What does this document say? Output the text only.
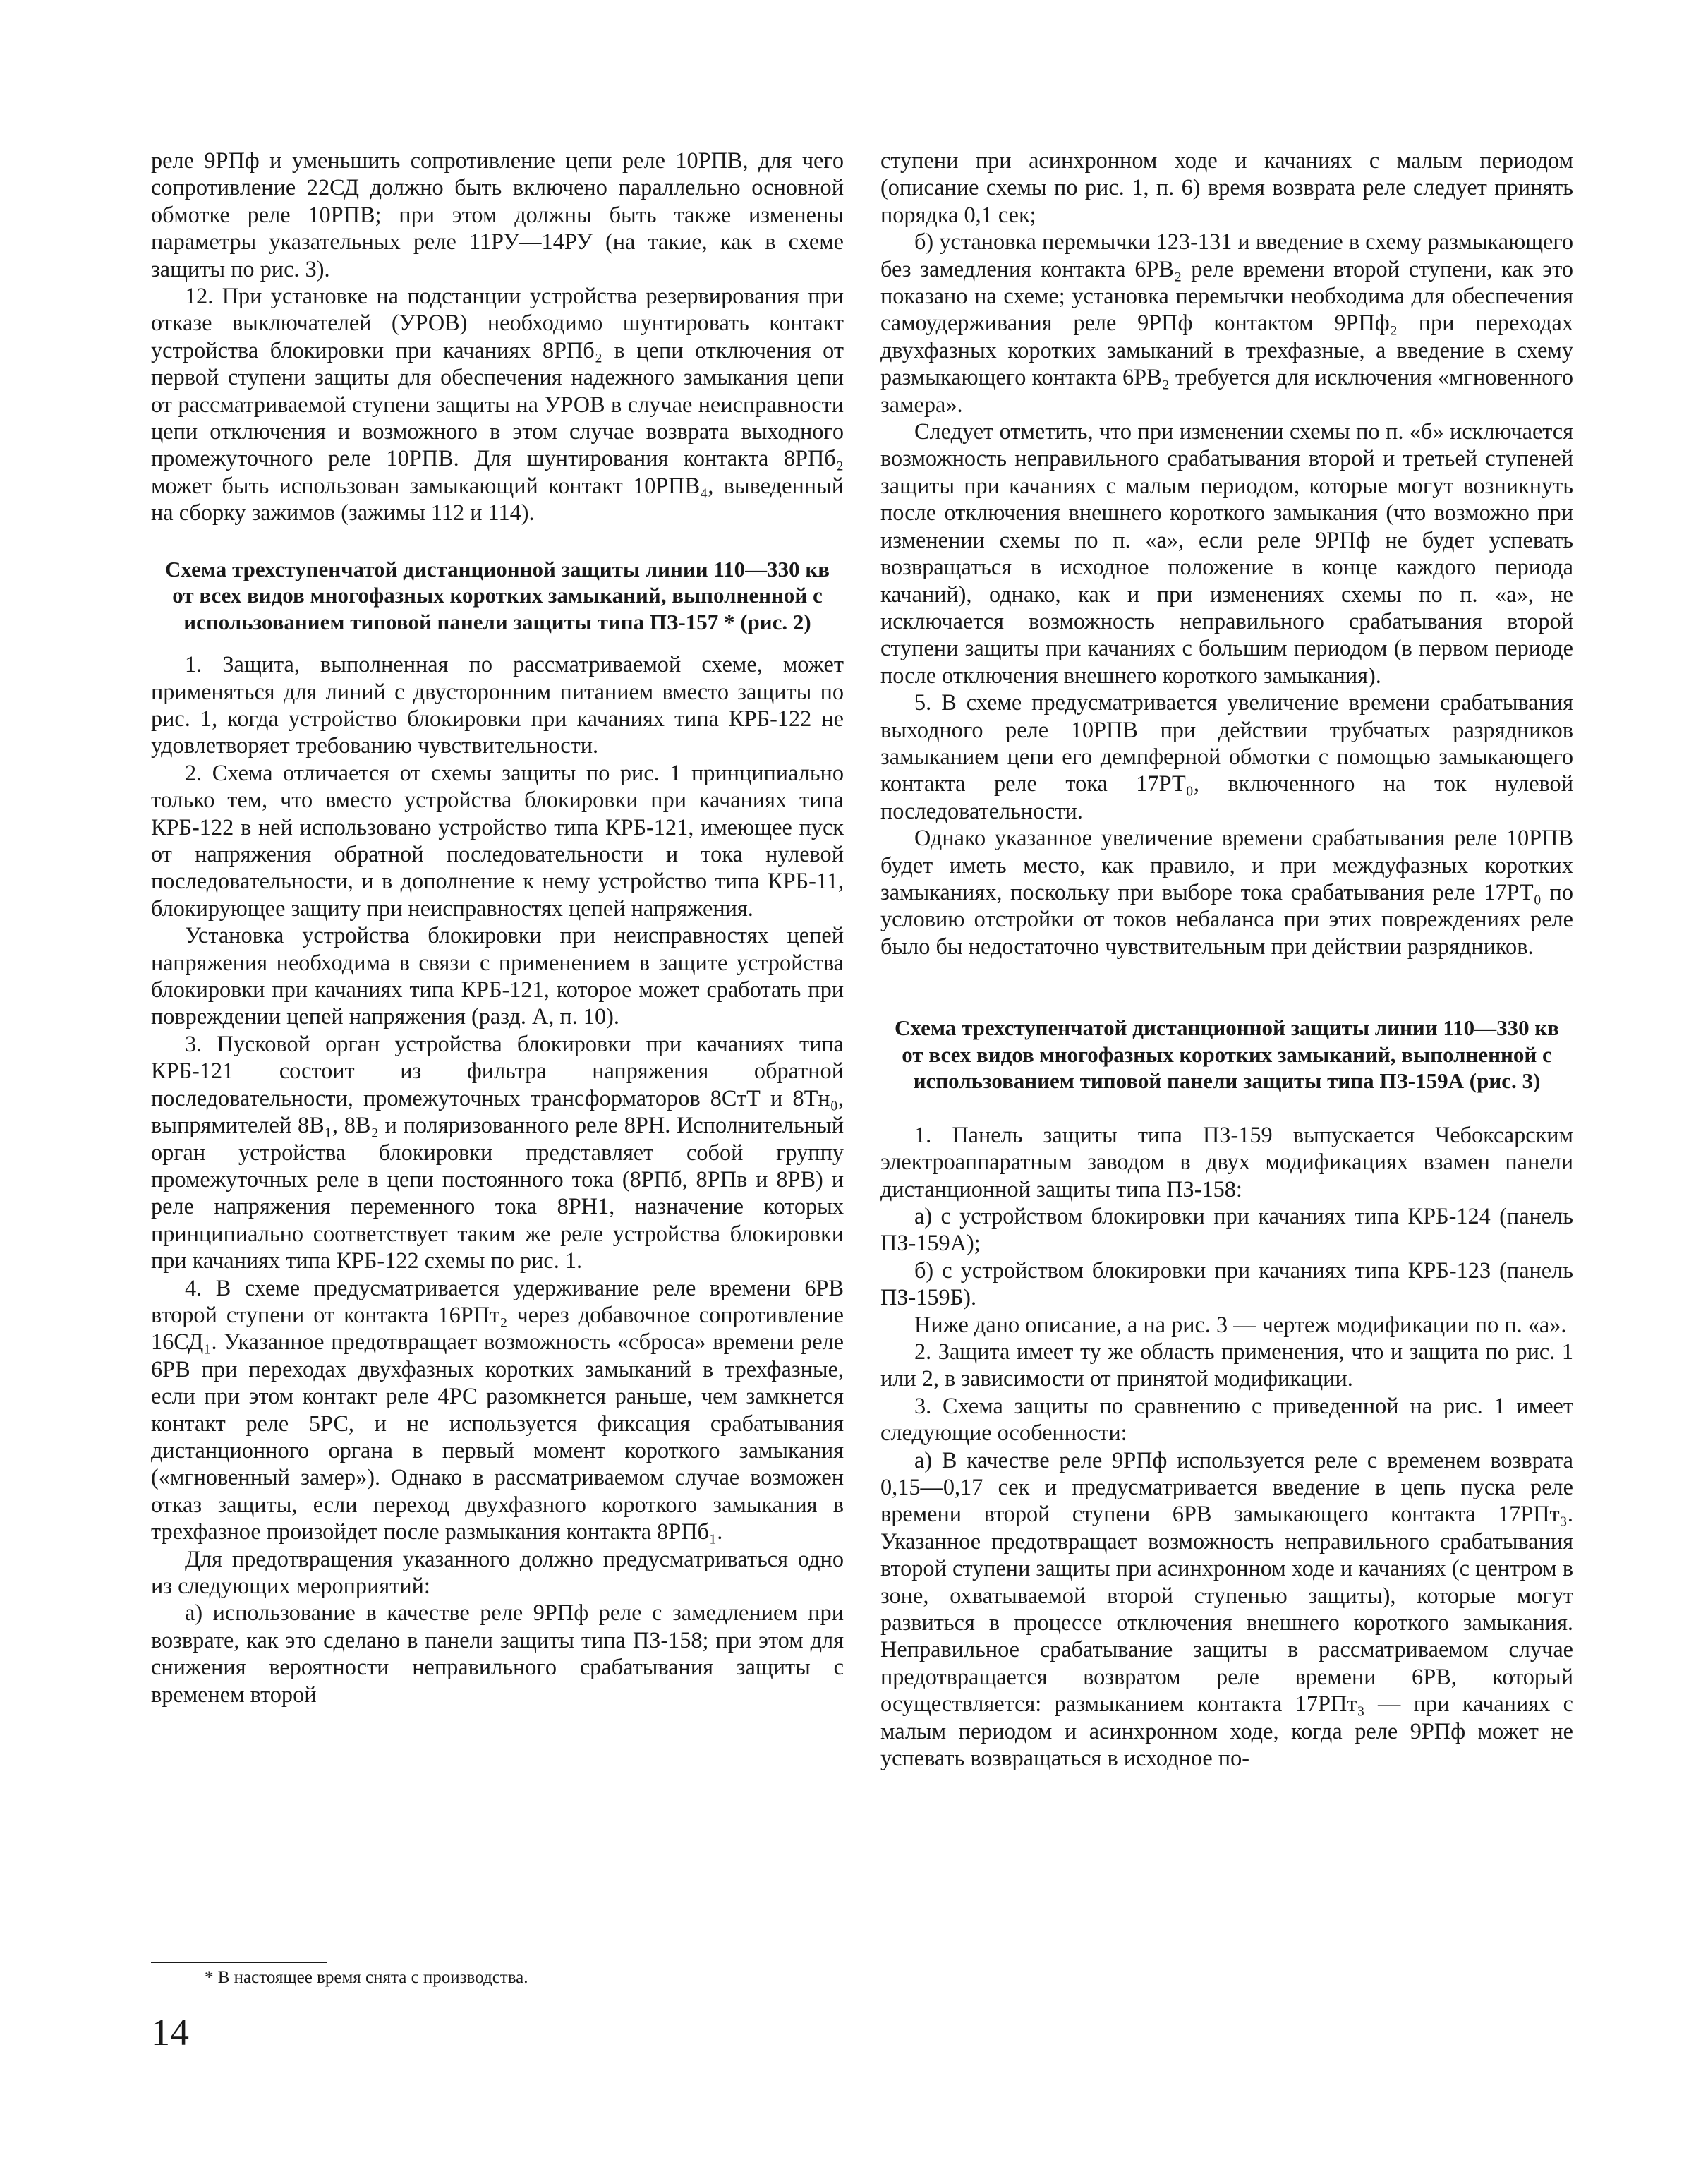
реле 9РПф и уменьшить сопротивление цепи реле 10РПВ, для чего сопротивление 22СД должно быть включено параллельно основной обмотке реле 10РПВ; при этом должны быть также изменены параметры указательных реле 11РУ—14РУ (на такие, как в схеме защиты по рис. 3).

12. При установке на подстанции устройства резервирования при отказе выключателей (УРОВ) необходимо шунтировать контакт устройства блокировки при качаниях 8РПб₂ в цепи отключения от первой ступени защиты для обеспечения надежного замыкания цепи от рассматриваемой ступени защиты на УРОВ в случае неисправности цепи отключения и возможного в этом случае возврата выходного промежуточного реле 10РПВ. Для шунтирования контакта 8РПб₂ может быть использован замыкающий контакт 10РПВ₄, выведенный на сборку зажимов (зажимы 112 и 114).

Схема трехступенчатой дистанционной защиты линии 110—330 кв от всех видов многофазных коротких замыканий, выполненной с использованием типовой панели защиты типа ПЗ-157 * (рис. 2)

1. Защита, выполненная по рассматриваемой схеме, может применяться для линий с двусторонним питанием вместо защиты по рис. 1, когда устройство блокировки при качаниях типа КРБ-122 не удовлетворяет требованию чувствительности.

2. Схема отличается от схемы защиты по рис. 1 принципиально только тем, что вместо устройства блокировки при качаниях типа КРБ-122 в ней использовано устройство типа КРБ-121, имеющее пуск от напряжения обратной последовательности и тока нулевой последовательности, и в дополнение к нему устройство типа КРБ-11, блокирующее защиту при неисправностях цепей напряжения.

Установка устройства блокировки при неисправностях цепей напряжения необходима в связи с применением в защите устройства блокировки при качаниях типа КРБ-121, которое может сработать при повреждении цепей напряжения (разд. А, п. 10).

3. Пусковой орган устройства блокировки при качаниях типа КРБ-121 состоит из фильтра напряжения обратной последовательности, промежуточных трансформаторов 8СтТ и 8Тн₀, выпрямителей 8В₁, 8В₂ и поляризованного реле 8РН. Исполнительный орган устройства блокировки представляет собой группу промежуточных реле в цепи постоянного тока (8РПб, 8РПв и 8РВ) и реле напряжения переменного тока 8РН1, назначение которых принципиально соответствует таким же реле устройства блокировки при качаниях типа КРБ-122 схемы по рис. 1.

4. В схеме предусматривается удерживание реле времени 6РВ второй ступени от контакта 16РПт₂ через добавочное сопротивление 16СД₁. Указанное предотвращает возможность «сброса» времени реле 6РВ при переходах двухфазных коротких замыканий в трехфазные, если при этом контакт реле 4РС разомкнется раньше, чем замкнется контакт реле 5РС, и не используется фиксация срабатывания дистанционного органа в первый момент короткого замыкания («мгновенный замер»). Однако в рассматриваемом случае возможен отказ защиты, если переход двухфазного короткого замыкания в трехфазное произойдет после размыкания контакта 8РПб₁.

Для предотвращения указанного должно предусматриваться одно из следующих мероприятий:

а) использование в качестве реле 9РПф реле с замедлением при возврате, как это сделано в панели защиты типа ПЗ-158; при этом для снижения вероятности неправильного срабатывания защиты с временем второй

* В настоящее время снята с производства.
14

ступени при асинхронном ходе и качаниях с малым периодом (описание схемы по рис. 1, п. 6) время возврата реле следует принять порядка 0,1 сек;

б) установка перемычки 123-131 и введение в схему размыкающего без замедления контакта 6РВ₂ реле времени второй ступени, как это показано на схеме; установка перемычки необходима для обеспечения самоудерживания реле 9РПф контактом 9РПф₂ при переходах двухфазных коротких замыканий в трехфазные, а введение в схему размыкающего контакта 6РВ₂ требуется для исключения «мгновенного замера».

Следует отметить, что при изменении схемы по п. «б» исключается возможность неправильного срабатывания второй и третьей ступеней защиты при качаниях с малым периодом, которые могут возникнуть после отключения внешнего короткого замыкания (что возможно при изменении схемы по п. «а», если реле 9РПф не будет успевать возвращаться в исходное положение в конце каждого периода качаний), однако, как и при изменениях схемы по п. «а», не исключается возможность неправильного срабатывания второй ступени защиты при качаниях с большим периодом (в первом периоде после отключения внешнего короткого замыкания).

5. В схеме предусматривается увеличение времени срабатывания выходного реле 10РПВ при действии трубчатых разрядников замыканием цепи его демпферной обмотки с помощью замыкающего контакта реле тока 17РТ₀, включенного на ток нулевой последовательности.

Однако указанное увеличение времени срабатывания реле 10РПВ будет иметь место, как правило, и при междуфазных коротких замыканиях, поскольку при выборе тока срабатывания реле 17РТ₀ по условию отстройки от токов небаланса при этих повреждениях реле было бы недостаточно чувствительным при действии разрядников.

Схема трехступенчатой дистанционной защиты линии 110—330 кв от всех видов многофазных коротких замыканий, выполненной с использованием типовой панели защиты типа ПЗ-159А (рис. 3)

1. Панель защиты типа ПЗ-159 выпускается Чебоксарским электроаппаратным заводом в двух модификациях взамен панели дистанционной защиты типа ПЗ-158:

а) с устройством блокировки при качаниях типа КРБ-124 (панель ПЗ-159А);

б) с устройством блокировки при качаниях типа КРБ-123 (панель ПЗ-159Б).

Ниже дано описание, а на рис. 3 — чертеж модификации по п. «а».

2. Защита имеет ту же область применения, что и защита по рис. 1 или 2, в зависимости от принятой модификации.

3. Схема защиты по сравнению с приведенной на рис. 1 имеет следующие особенности:

а) В качестве реле 9РПф используется реле с временем возврата 0,15—0,17 сек и предусматривается введение в цепь пуска реле времени второй ступени 6РВ замыкающего контакта 17РПт₃. Указанное предотвращает возможность неправильного срабатывания второй ступени защиты при асинхронном ходе и качаниях (с центром в зоне, охватываемой второй ступенью защиты), которые могут развиться в процессе отключения внешнего короткого замыкания. Неправильное срабатывание защиты в рассматриваемом случае предотвращается возвратом реле времени 6РВ, который осуществляется: размыканием контакта 17РПт₃ — при качаниях с малым периодом и асинхронном ходе, когда реле 9РПф может не успевать возвращаться в исходное по-
